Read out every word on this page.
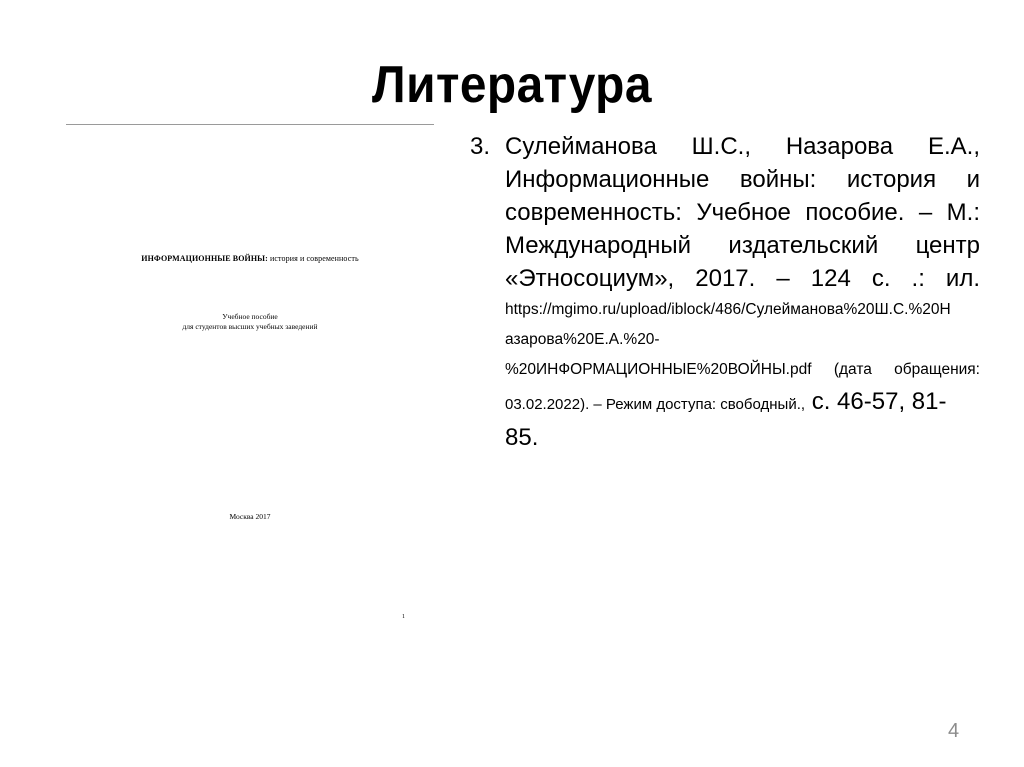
Литература
ИНФОРМАЦИОННЫЕ ВОЙНЫ: история и современность
Учебное пособие
для студентов высших учебных заведений
Москва 2017
1
3. Сулейманова Ш.С., Назарова Е.А.,
Информационные войны: история и
современность: Учебное пособие. – М.:
Международный издательский центр
«Этносоциум», 2017. – 124 с. .: ил.
https://mgimo.ru/upload/iblock/486/Сулейманова%20Ш.С.%20Н
азарова%20Е.А.%20-
%20ИНФОРМАЦИОННЫЕ%20ВОЙНЫ.pdf (дата обращения:
03.02.2022). – Режим доступа: свободный., с. 46-57, 81-
85.
4
